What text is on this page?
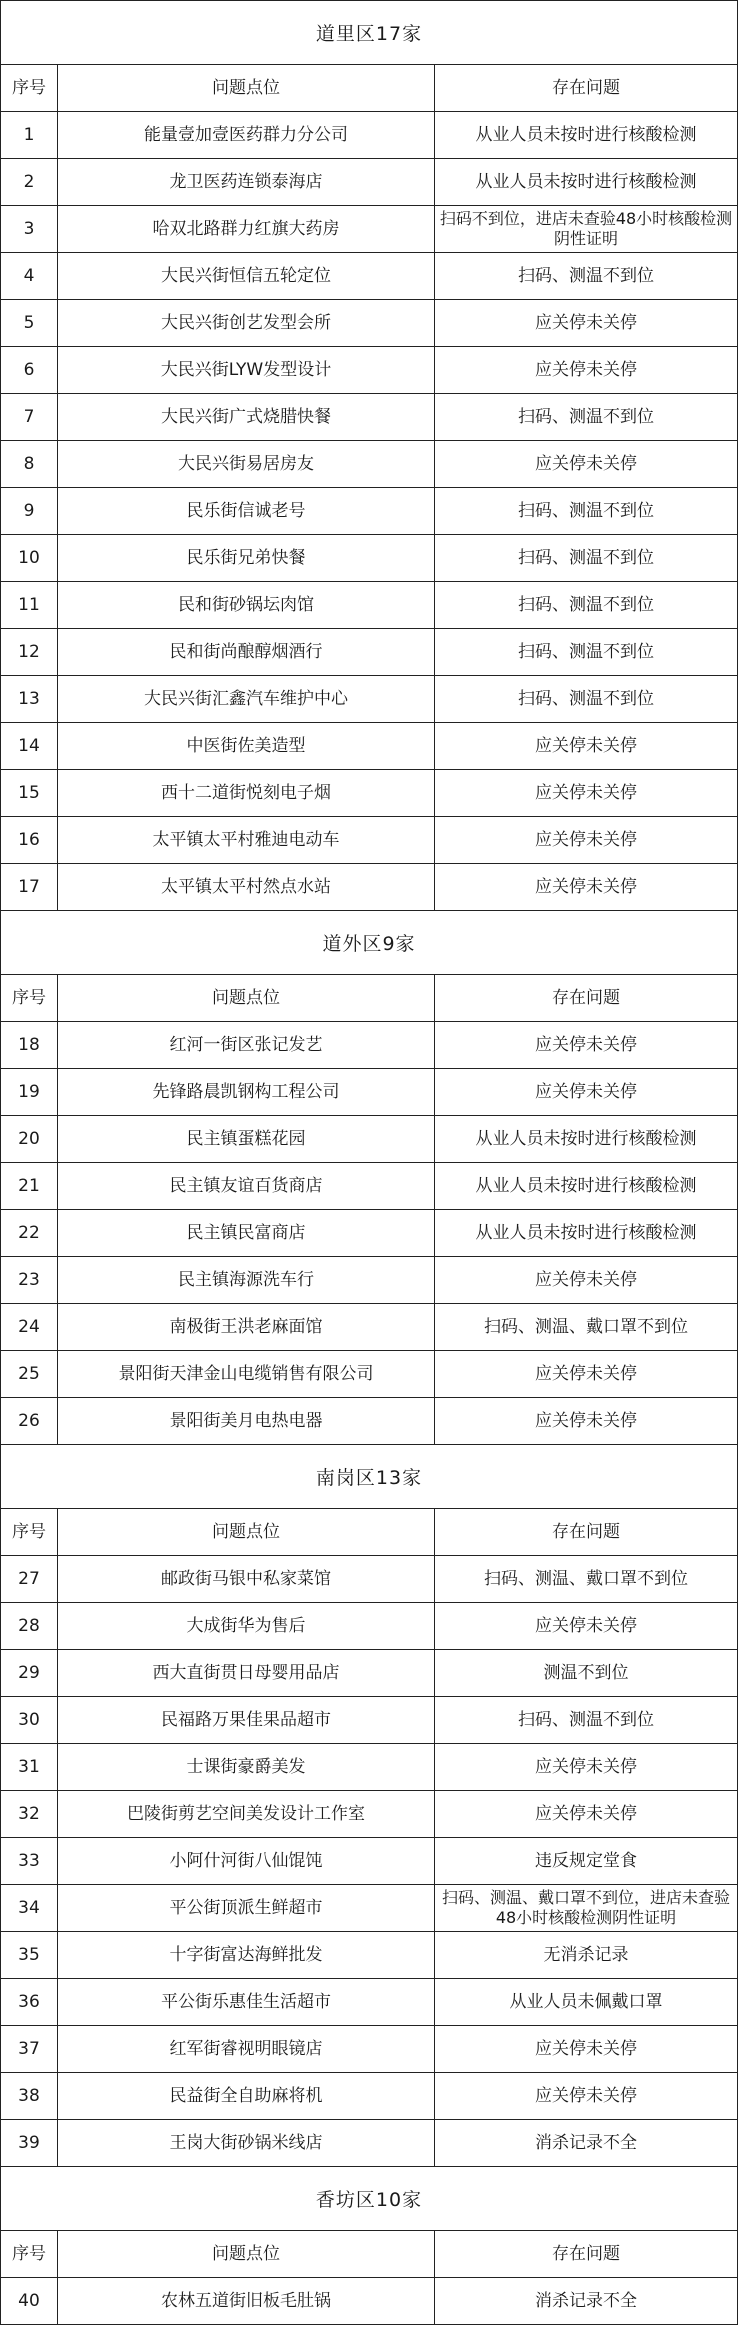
道里区17家
序号	问题点位	存在问题
1	能量壹加壹医药群力分公司	从业人员未按时进行核酸检测
2	龙卫医药连锁泰海店	从业人员未按时进行核酸检测
3	哈双北路群力红旗大药房	扫码不到位，进店未查验48小时核酸检测阴性证明
4	大民兴街恒信五轮定位	扫码、测温不到位
5	大民兴街创艺发型会所	应关停未关停
6	大民兴街LYW发型设计	应关停未关停
7	大民兴街广式烧腊快餐	扫码、测温不到位
8	大民兴街易居房友	应关停未关停
9	民乐街信诚老号	扫码、测温不到位
10	民乐街兄弟快餐	扫码、测温不到位
11	民和街砂锅坛肉馆	扫码、测温不到位
12	民和街尚酿醇烟酒行	扫码、测温不到位
13	大民兴街汇鑫汽车维护中心	扫码、测温不到位
14	中医街佐美造型	应关停未关停
15	西十二道街悦刻电子烟	应关停未关停
16	太平镇太平村雅迪电动车	应关停未关停
17	太平镇太平村然点水站	应关停未关停
道外区9家
序号	问题点位	存在问题
18	红河一街区张记发艺	应关停未关停
19	先锋路晨凯钢构工程公司	应关停未关停
20	民主镇蛋糕花园	从业人员未按时进行核酸检测
21	民主镇友谊百货商店	从业人员未按时进行核酸检测
22	民主镇民富商店	从业人员未按时进行核酸检测
23	民主镇海源洗车行	应关停未关停
24	南极街王洪老麻面馆	扫码、测温、戴口罩不到位
25	景阳街天津金山电缆销售有限公司	应关停未关停
26	景阳街美月电热电器	应关停未关停
南岗区13家
序号	问题点位	存在问题
27	邮政街马银中私家菜馆	扫码、测温、戴口罩不到位
28	大成街华为售后	应关停未关停
29	西大直街贯日母婴用品店	测温不到位
30	民福路万果佳果品超市	扫码、测温不到位
31	士课街豪爵美发	应关停未关停
32	巴陵街剪艺空间美发设计工作室	应关停未关停
33	小阿什河街八仙馄饨	违反规定堂食
34	平公街顶派生鲜超市	扫码、测温、戴口罩不到位，进店未查验48小时核酸检测阴性证明
35	十字街富达海鲜批发	无消杀记录
36	平公街乐惠佳生活超市	从业人员未佩戴口罩
37	红军街睿视明眼镜店	应关停未关停
38	民益街全自助麻将机	应关停未关停
39	王岗大街砂锅米线店	消杀记录不全
香坊区10家
序号	问题点位	存在问题
40	农林五道街旧板毛肚锅	消杀记录不全
